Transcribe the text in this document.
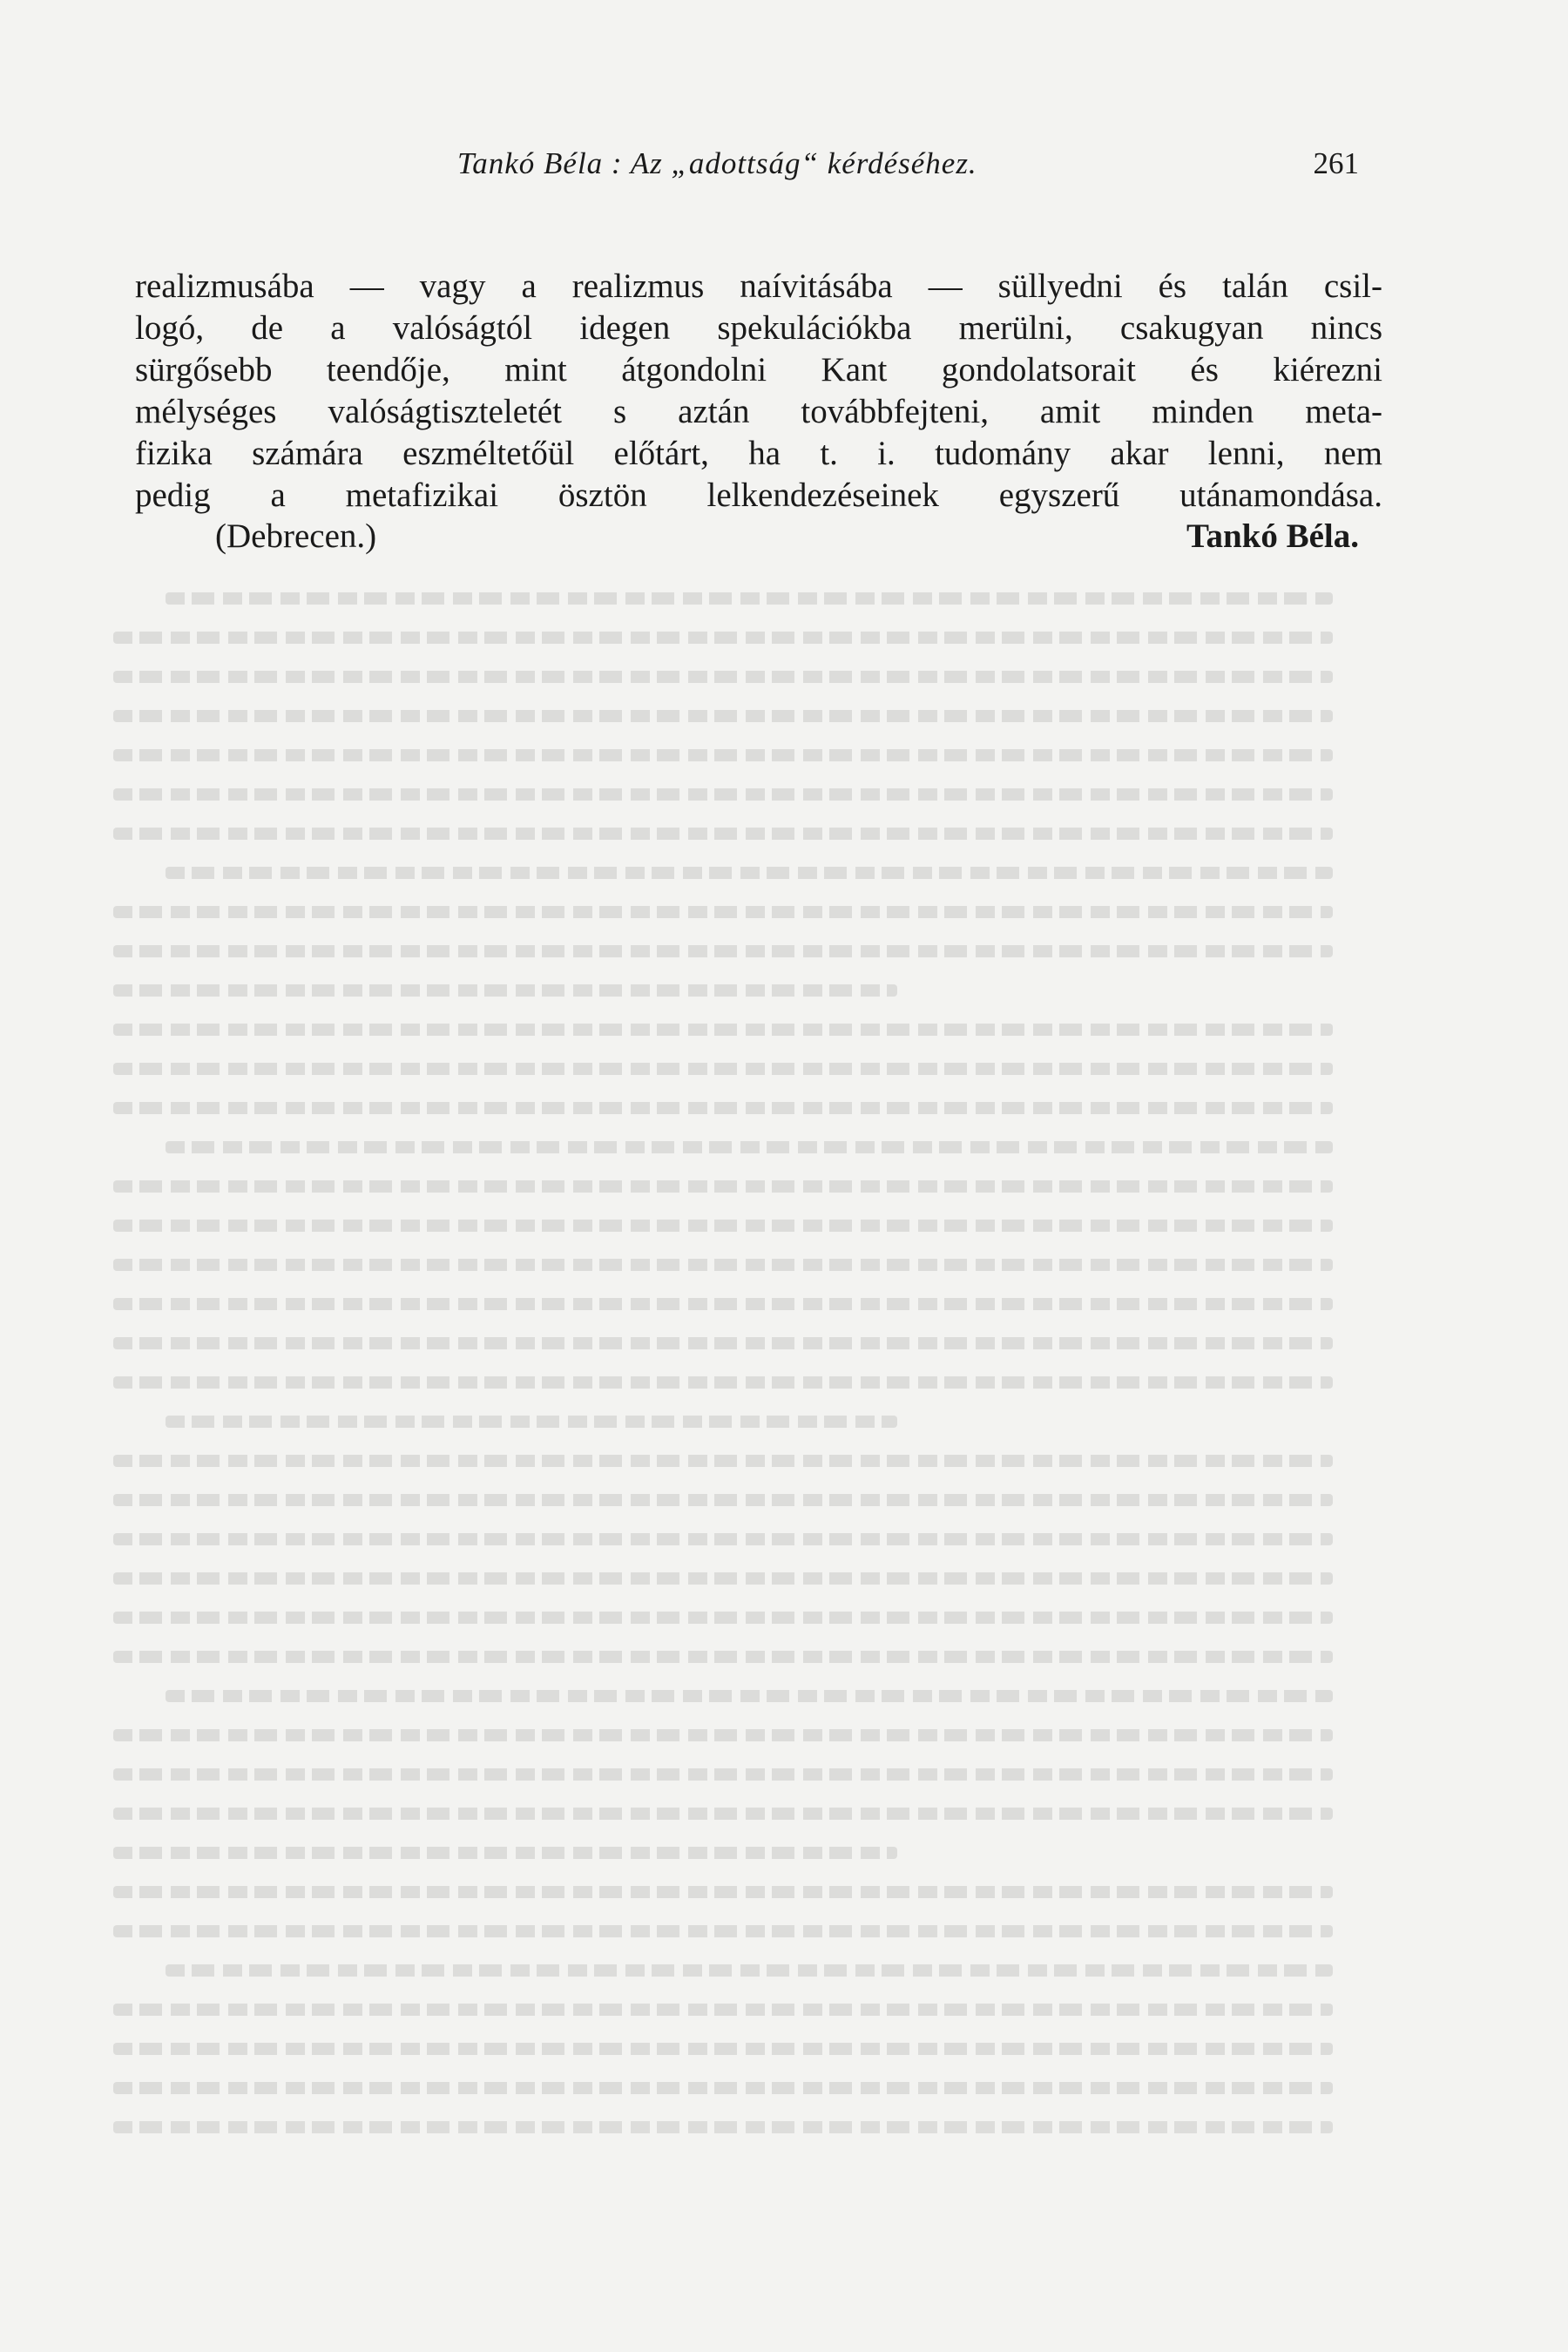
Tankó Béla : Az „adottság“ kérdéséhez.	261
realizmusába — vagy a realizmus naívitásába — süllyedni és talán csil-
logó, de a valóságtól idegen spekulációkba merülni, csakugyan nincs
sürgősebb teendője, mint átgondolni Kant gondolatsorait és kiérezni
mélységes valóságtiszteletét s aztán továbbfejteni, amit minden meta-
fizika számára eszméltetőül előtárt, ha t. i. tudomány akar lenni, nem
pedig a metafizikai ösztön lelkendezéseinek egyszerű utánamondása.
(Debrecen.)	Tankó Béla.
